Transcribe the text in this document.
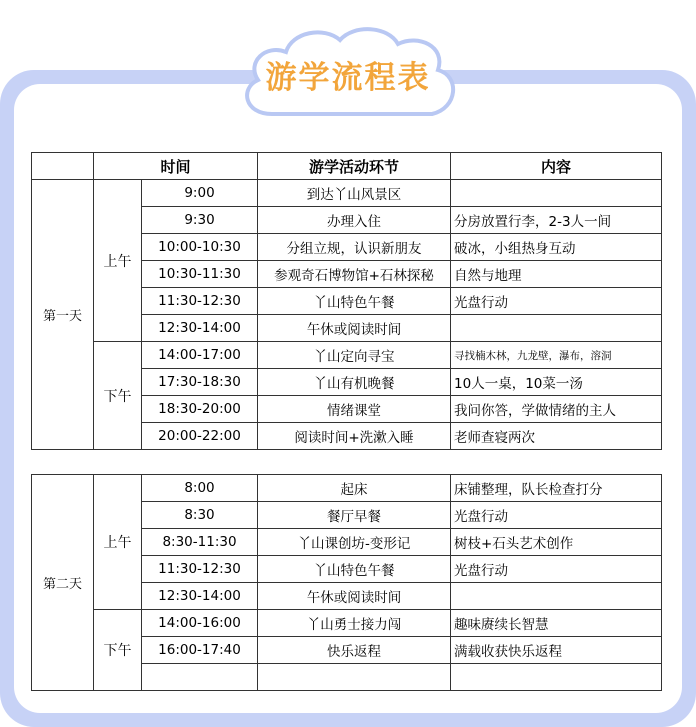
游学流程表
	时间		游学活动环节	内容
第一天	上午	9:00	到达丫山风景区	
		9:30	办理入住	分房放置行李，2-3人一间
		10:00-10:30	分组立规，认识新朋友	破冰，小组热身互动
		10:30-11:30	参观奇石博物馆+石林探秘	自然与地理
		11:30-12:30	丫山特色午餐	光盘行动
		12:30-14:00	午休或阅读时间	
	下午	14:00-17:00	丫山定向寻宝	寻找楠木林，九龙壁，瀑布，溶洞
		17:30-18:30	丫山有机晚餐	10人一桌，10菜一汤
		18:30-20:00	情绪课堂	我问你答，学做情绪的主人
		20:00-22:00	阅读时间+洗漱入睡	老师查寝两次
第二天	上午	8:00	起床	床铺整理，队长检查打分
		8:30	餐厅早餐	光盘行动
		8:30-11:30	丫山课创坊-变形记	树枝+石头艺术创作
		11:30-12:30	丫山特色午餐	光盘行动
		12:30-14:00	午休或阅读时间	
	下午	14:00-16:00	丫山勇士接力闯	趣味赓续长智慧
		16:00-17:40	快乐返程	满载收获快乐返程
